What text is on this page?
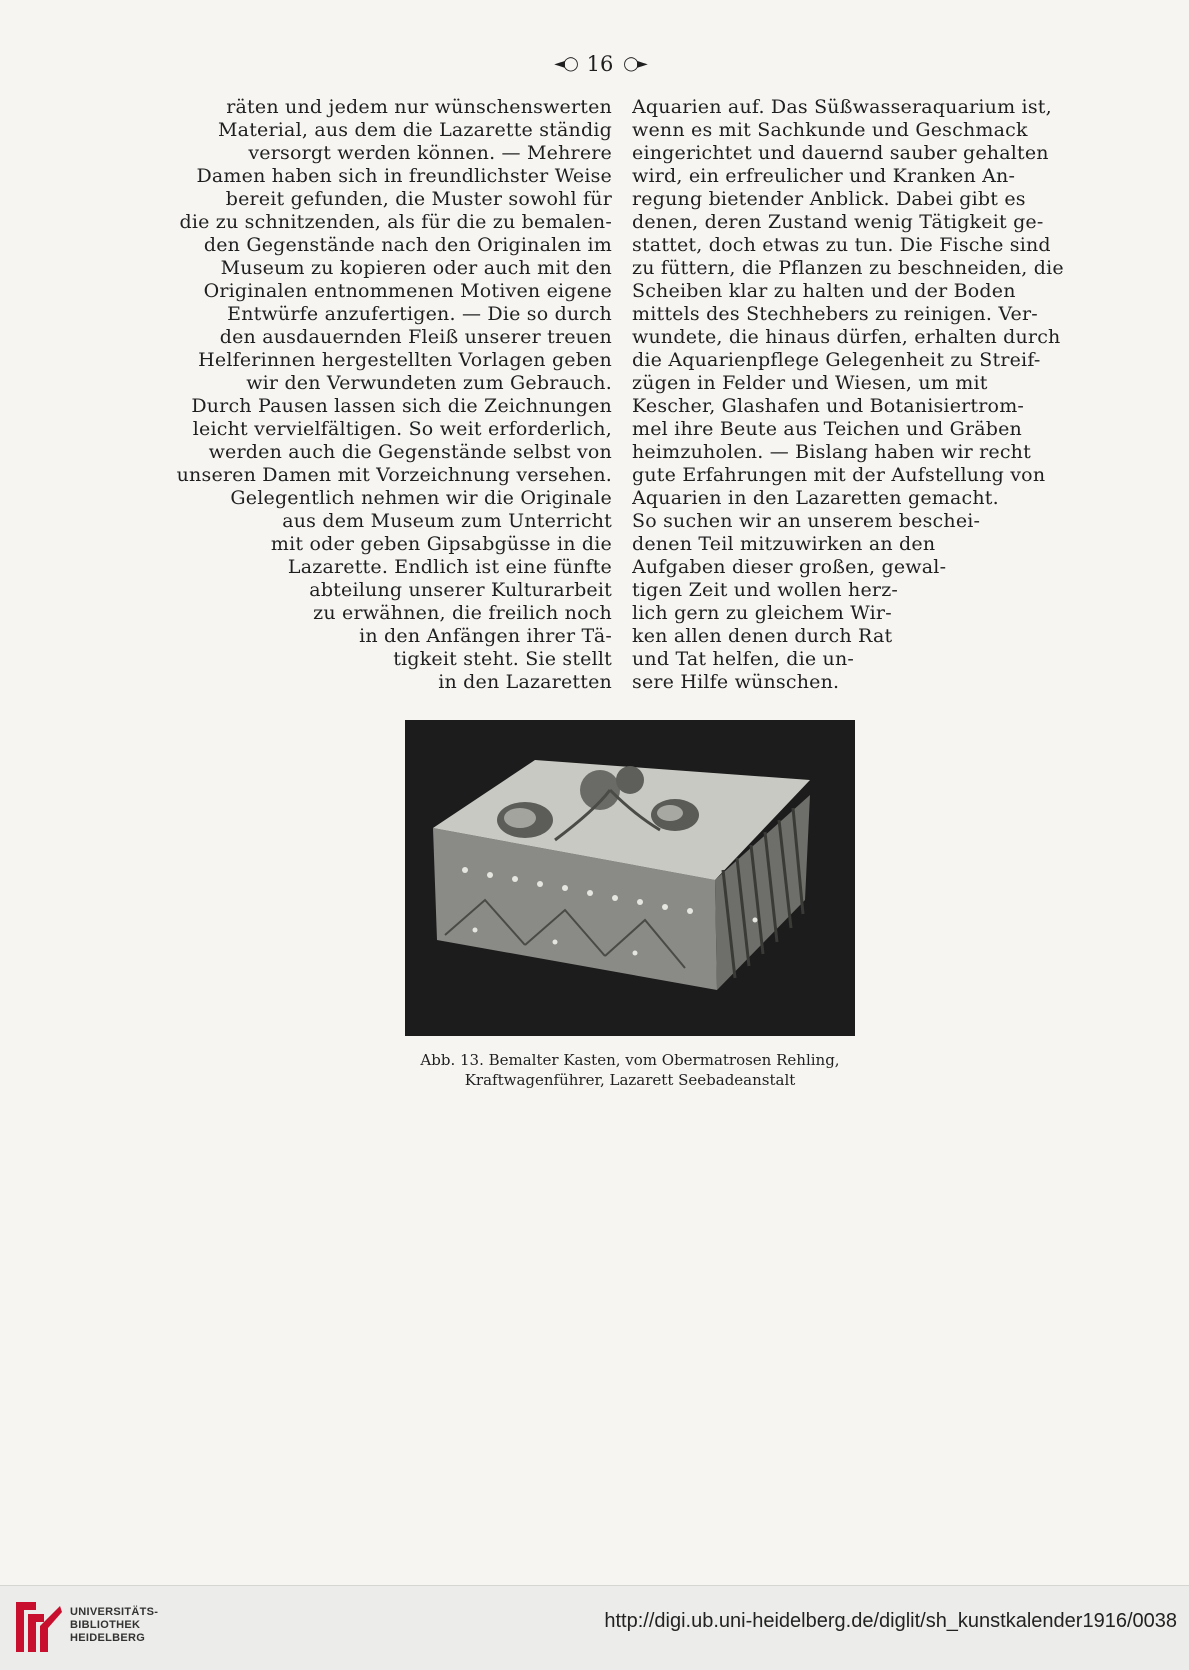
◄◯ 16 ◯►
räten und jedem nur wünschenswerten
Material, aus dem die Lazarette ständig
versorgt werden können. — Mehrere
Damen haben sich in freundlichster Weise
bereit gefunden, die Muster sowohl für
die zu schnitzenden, als für die zu bemalen-
den Gegenstände nach den Originalen im
Museum zu kopieren oder auch mit den
Originalen entnommenen Motiven eigene
Entwürfe anzufertigen. — Die so durch
den ausdauernden Fleiß unserer treuen
Helferinnen hergestellten Vorlagen geben
wir den Verwundeten zum Gebrauch.
Durch Pausen lassen sich die Zeichnungen
leicht vervielfältigen. So weit erforderlich,
werden auch die Gegenstände selbst von
unseren Damen mit Vorzeichnung versehen.
Gelegentlich nehmen wir die Originale
aus dem Museum zum Unterricht
mit oder geben Gipsabgüsse in die
Lazarette. Endlich ist eine fünfte
abteilung unserer Kulturarbeit
zu erwähnen, die freilich noch
in den Anfängen ihrer Tä-
tigkeit steht. Sie stellt
in den Lazaretten
Aquarien auf. Das Süßwasseraquarium ist,
wenn es mit Sachkunde und Geschmack
eingerichtet und dauernd sauber gehalten
wird, ein erfreulicher und Kranken An-
regung bietender Anblick. Dabei gibt es
denen, deren Zustand wenig Tätigkeit ge-
stattet, doch etwas zu tun. Die Fische sind
zu füttern, die Pflanzen zu beschneiden, die
Scheiben klar zu halten und der Boden
mittels des Stechhebers zu reinigen. Ver-
wundete, die hinaus dürfen, erhalten durch
die Aquarienpflege Gelegenheit zu Streif-
zügen in Felder und Wiesen, um mit
Kescher, Glashafen und Botanisiertrom-
mel ihre Beute aus Teichen und Gräben
heimzuholen. — Bislang haben wir recht
gute Erfahrungen mit der Aufstellung von
Aquarien in den Lazaretten gemacht.
So suchen wir an unserem beschei-
denen Teil mitzuwirken an den
Aufgaben dieser großen, gewal-
tigen Zeit und wollen herz-
lich gern zu gleichem Wir-
ken allen denen durch Rat
und Tat helfen, die un-
sere Hilfe wünschen.
Abb. 13. Bemalter Kasten, vom Obermatrosen Rehling,
Kraftwagenführer, Lazarett Seebadeanstalt
UNIVERSITÄTS-
BIBLIOTHEK
HEIDELBERG
http://digi.ub.uni-heidelberg.de/diglit/sh_kunstkalender1916/0038
